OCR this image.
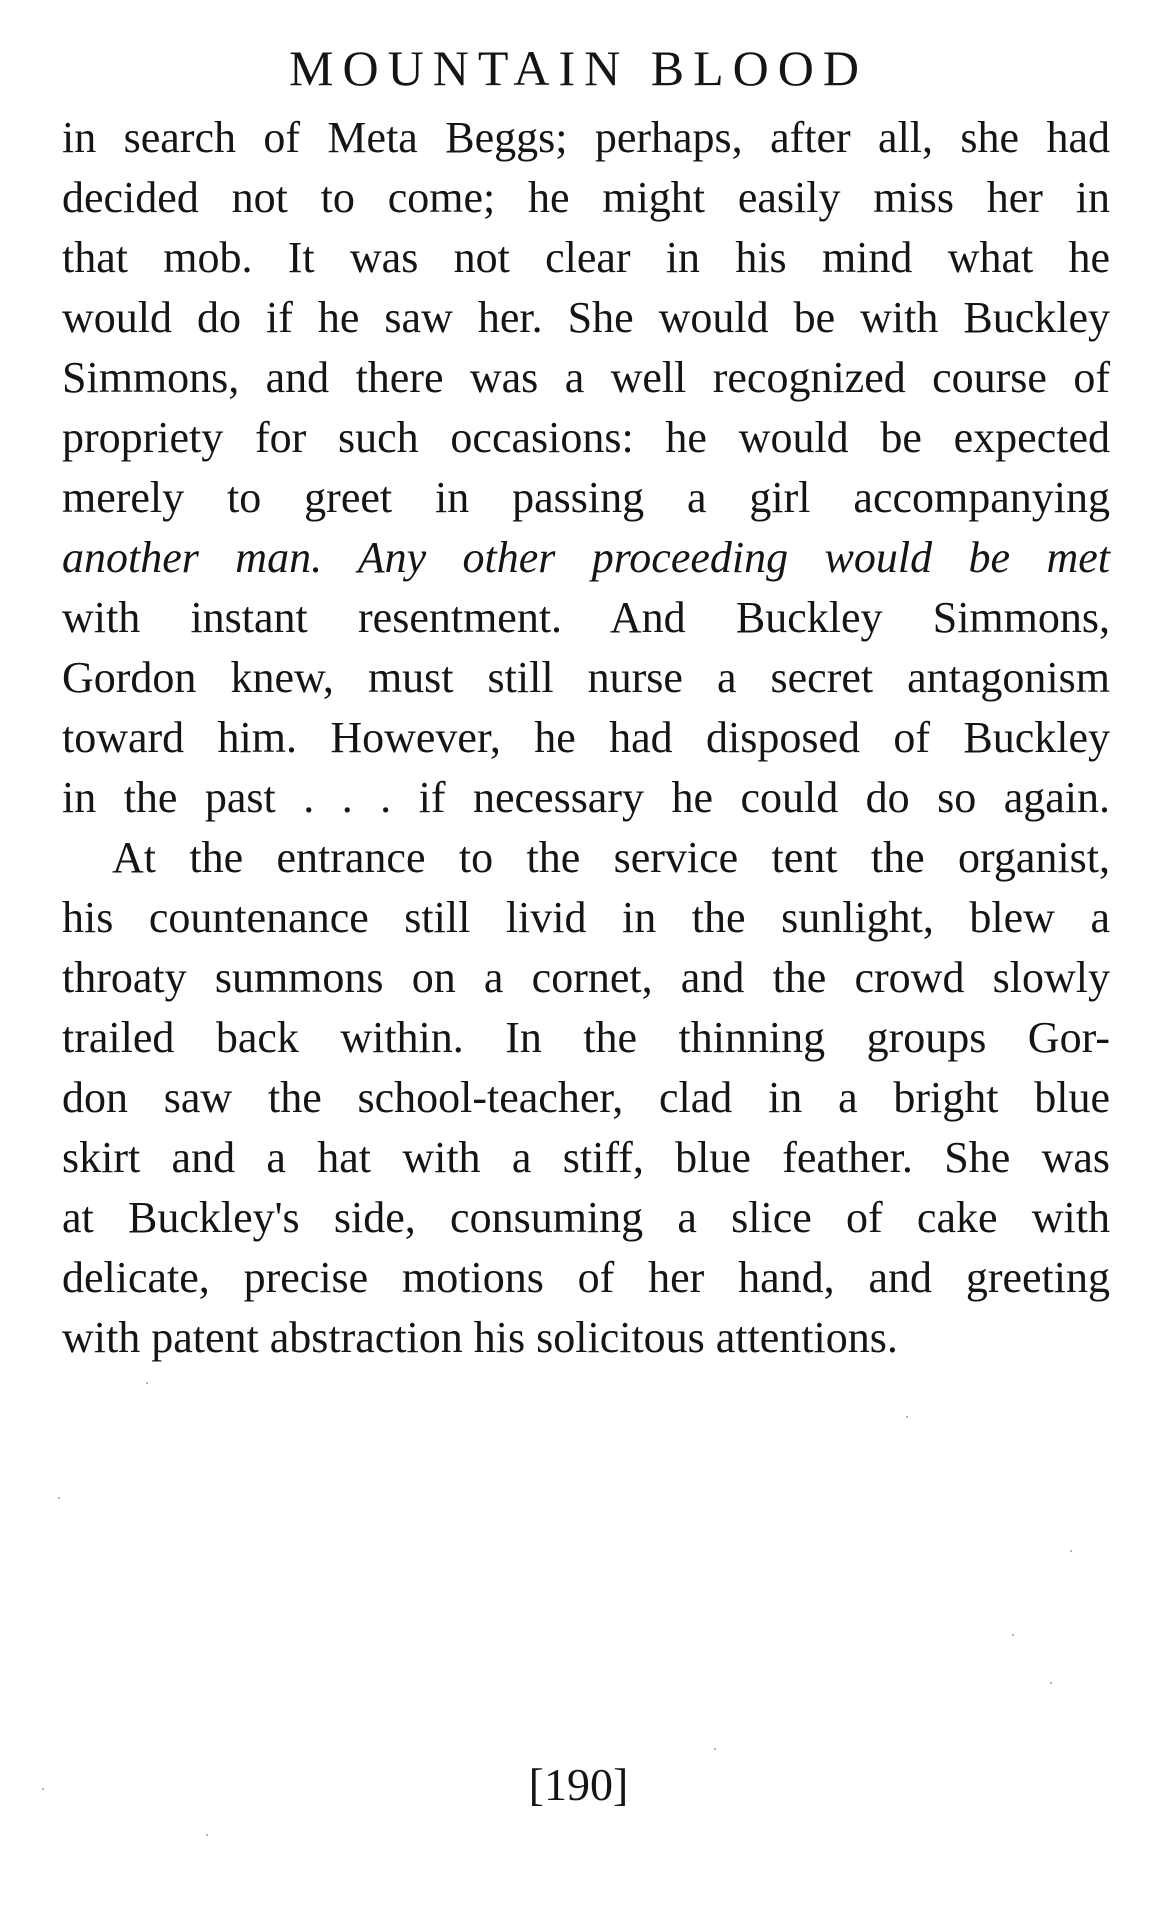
MOUNTAIN BLOOD
in search of Meta Beggs; perhaps, after all, she had
decided not to come; he might easily miss her in
that mob. It was not clear in his mind what he
would do if he saw her. She would be with Buckley
Simmons, and there was a well recognized course of
propriety for such occasions: he would be expected
merely to greet in passing a girl accompanying
another man. Any other proceeding would be met
with instant resentment. And Buckley Simmons,
Gordon knew, must still nurse a secret antagonism
toward him. However, he had disposed of Buckley
in the past . . . if necessary he could do so again.
At the entrance to the service tent the organist,
his countenance still livid in the sunlight, blew a
throaty summons on a cornet, and the crowd slowly
trailed back within. In the thinning groups Gor-
don saw the school-teacher, clad in a bright blue
skirt and a hat with a stiff, blue feather. She was
at Buckley's side, consuming a slice of cake with
delicate, precise motions of her hand, and greeting
with patent abstraction his solicitous attentions.
[190]
